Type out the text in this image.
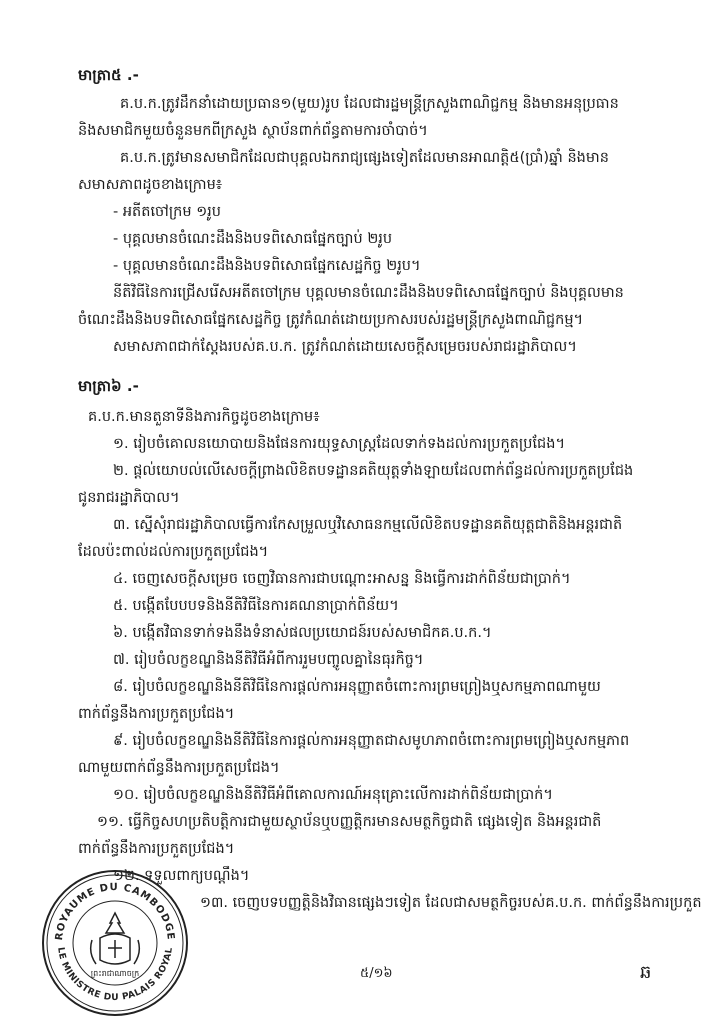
មាត្រា៥ .-
គ.ប.ក.ត្រូវដឹកនាំដោយប្រធាន១(មួយ)រូប ដែលជារដ្ឋមន្ត្រីក្រសួងពាណិជ្ជកម្ម និងមានអនុប្រធាន
និងសមាជិកមួយចំនួនមកពីក្រសួង ស្ថាប័នពាក់ព័ន្ធតាមការចាំបាច់។
គ.ប.ក.ត្រូវមានសមាជិកដែលជាបុគ្គលឯករាជ្យផ្សេងទៀតដែលមានអាណត្តិ៥(ប្រាំ)ឆ្នាំ និងមាន
សមាសភាពដូចខាងក្រោម៖
- អតីតចៅក្រម ១រូប
- បុគ្គលមានចំណេះដឹងនិងបទពិសោធផ្នែកច្បាប់ ២រូប
- បុគ្គលមានចំណេះដឹងនិងបទពិសោធផ្នែកសេដ្ឋកិច្ច ២រូប។
នីតិវិធីនៃការជ្រើសរើសអតីតចៅក្រម បុគ្គលមានចំណេះដឹងនិងបទពិសោធផ្នែកច្បាប់ និងបុគ្គលមាន
ចំណេះដឹងនិងបទពិសោធផ្នែកសេដ្ឋកិច្ច ត្រូវកំណត់ដោយប្រកាសរបស់រដ្ឋមន្ត្រីក្រសួងពាណិជ្ជកម្ម។
សមាសភាពជាក់ស្តែងរបស់គ.ប.ក. ត្រូវកំណត់ដោយសេចក្តីសម្រេចរបស់រាជរដ្ឋាភិបាល។
មាត្រា៦ .-
គ.ប.ក.មានតួនាទីនិងភារកិច្ចដូចខាងក្រោម៖
១. រៀបចំគោលនយោបាយនិងផែនការយុទ្ធសាស្ត្រដែលទាក់ទងដល់ការប្រកួតប្រជែង។
២. ផ្តល់យោបល់លើសេចក្តីព្រាងលិខិតបទដ្ឋានគតិយុត្តទាំងឡាយដែលពាក់ព័ន្ធដល់ការប្រកួតប្រជែង
ជូនរាជរដ្ឋាភិបាល។
៣. ស្នើសុំរាជរដ្ឋាភិបាលធ្វើការកែសម្រួលឬវិសោធនកម្មលើលិខិតបទដ្ឋានគតិយុត្តជាតិនិងអន្តរជាតិ
ដែលប៉ះពាល់ដល់ការប្រកួតប្រជែង។
៤. ចេញសេចក្តីសម្រេច ចេញវិធានការជាបណ្តោះអាសន្ន និងធ្វើការដាក់ពិន័យជាប្រាក់។
៥. បង្កើតបែបបទនិងនីតិវិធីនៃការគណនាប្រាក់ពិន័យ។
៦. បង្កើតវិធានទាក់ទងនឹងទំនាស់ផលប្រយោជន៍របស់សមាជិកគ.ប.ក.។
៧. រៀបចំលក្ខខណ្ឌនិងនីតិវិធីអំពីការរួមបញ្ចូលគ្នានៃធុរកិច្ច។
៨. រៀបចំលក្ខខណ្ឌនិងនីតិវិធីនៃការផ្តល់ការអនុញ្ញាតចំពោះការព្រមព្រៀងឬសកម្មភាពណាមួយ
ពាក់ព័ន្ធនឹងការប្រកួតប្រជែង។
៩. រៀបចំលក្ខខណ្ឌនិងនីតិវិធីនៃការផ្តល់ការអនុញ្ញាតជាសមូហភាពចំពោះការព្រមព្រៀងឬសកម្មភាព
ណាមួយពាក់ព័ន្ធនឹងការប្រកួតប្រជែង។
១០. រៀបចំលក្ខខណ្ឌនិងនីតិវិធីអំពីគោលការណ៍អនុគ្រោះលើការដាក់ពិន័យជាប្រាក់។
១១. ធ្វើកិច្ចសហប្រតិបត្តិការជាមួយស្ថាប័នឬបញ្ញត្តិករមានសមត្ថកិច្ចជាតិ ផ្សេងទៀត និងអន្តរជាតិ
ពាក់ព័ន្ធនឹងការប្រកួតប្រជែង។
១២. ទទួលពាក្យបណ្តឹង។
១៣. ចេញបទបញ្ញត្តិនិងវិធានផ្សេងៗទៀត ដែលជាសមត្ថកិច្ចរបស់គ.ប.ក. ពាក់ព័ន្ធនឹងការប្រកួត
ROYAUME DU CAMBODGE
LE MINISTRE DU PALAIS ROYAL
ព្រះរាជាណាចក្រ	៥/១៦	ឆ
